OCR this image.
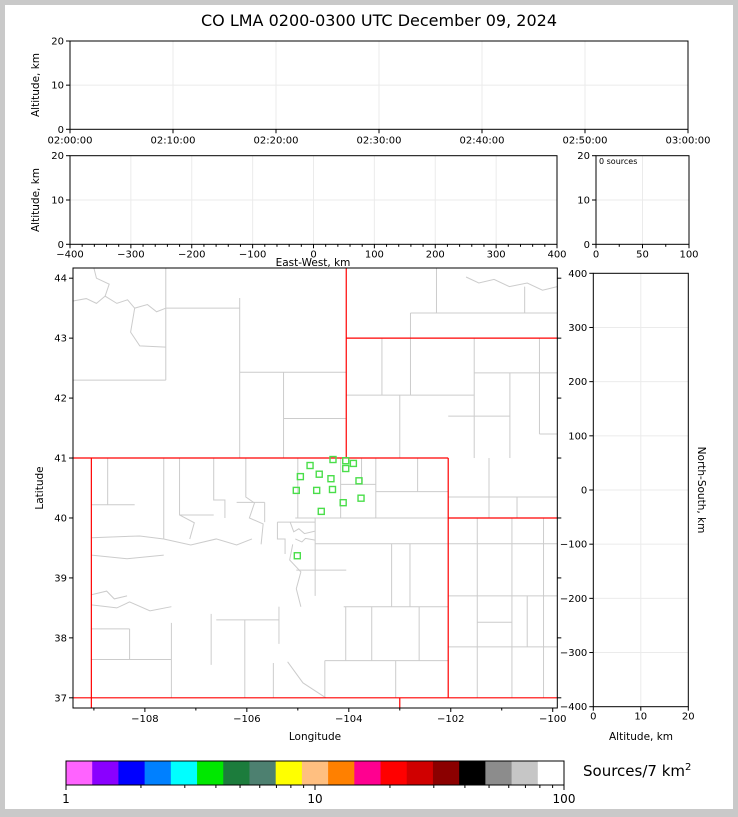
02:00:00	02:10:00	02:20:00	02:30:00	02:40:00	02:50:00	03:00:00
0
10
20
−400	−300	−200	−100	0	100	200	300	400
0
10
20
0	50	100
0
10
20
37
38
39
40
41
42
43
44
−108	−106	−104	−102	−100
400
300
200
100
0
−100
−200
−300
−400
0	10	20
1	10	100
CO LMA 0200-0300 UTC December 09, 2024
Altitude, km
Altitude, km
East-West, km
Latitude
Longitude
North-South, km
Altitude, km
0 sources
Sources/7 $km^2$
